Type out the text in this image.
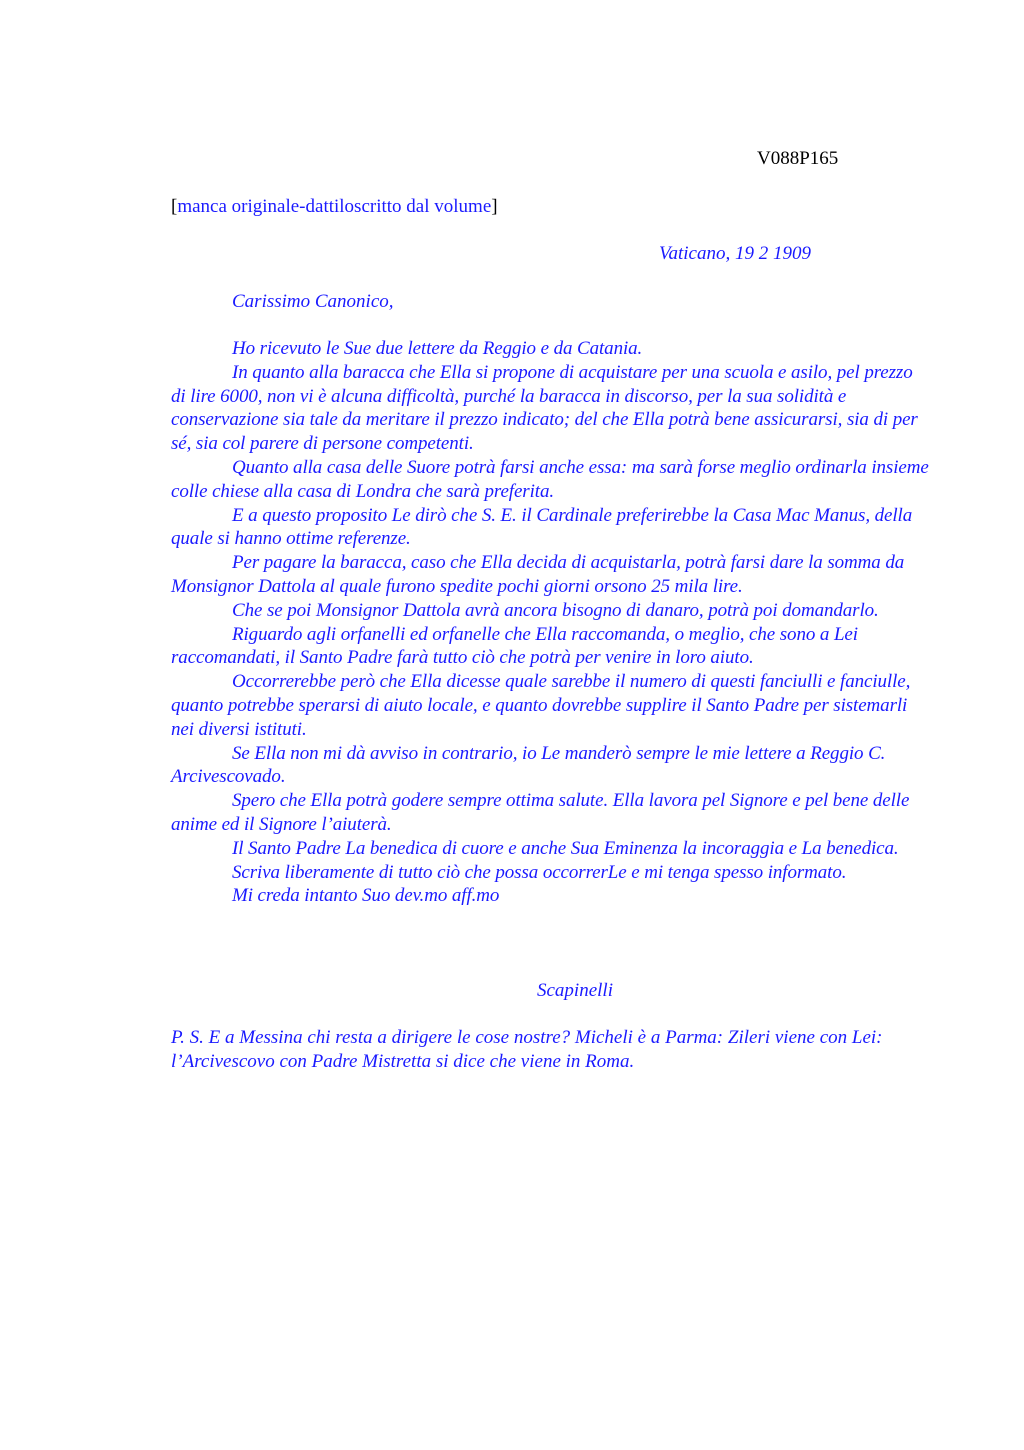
V088P165
[manca originale-dattiloscritto dal volume]
Vaticano, 19 2 1909
Carissimo Canonico,

Ho ricevuto le Sue due lettere da Reggio e da Catania.

In quanto alla baracca che Ella si propone di acquistare per una scuola e asilo, pel prezzo di lire 6000, non vi è alcuna difficoltà, purché la baracca in discorso, per la sua solidità e conservazione sia tale da meritare il prezzo indicato; del che Ella potrà bene assicurarsi, sia di per sé, sia col parere di persone competenti.

Quanto alla casa delle Suore potrà farsi anche essa: ma sarà forse meglio ordinarla insieme colle chiese alla casa di Londra che sarà preferita.

E a questo proposito Le dirò che S. E. il Cardinale preferirebbe la Casa Mac Manus, della quale si hanno ottime referenze.

Per pagare la baracca, caso che Ella decida di acquistarla, potrà farsi dare la somma da Monsignor Dattola al quale furono spedite pochi giorni orsono 25 mila lire.

Che se poi Monsignor Dattola avrà ancora bisogno di danaro, potrà poi domandarlo.

Riguardo agli orfanelli ed orfanelle che Ella raccomanda, o meglio, che sono a Lei raccomandati, il Santo Padre farà tutto ciò che potrà per venire in loro aiuto.

Occorrerebbe però che Ella dicesse quale sarebbe il numero di questi fanciulli e fanciulle, quanto potrebbe sperarsi di aiuto locale, e quanto dovrebbe supplire il Santo Padre per sistemarli nei diversi istituti.

Se Ella non mi dà avviso in contrario, io Le manderò sempre le mie lettere a Reggio C. Arcivescovado.

Spero che Ella potrà godere sempre ottima salute. Ella lavora pel Signore e pel bene delle anime ed il Signore l’aiuterà.

Il Santo Padre La benedica di cuore e anche Sua Eminenza la incoraggia e La benedica.

Scriva liberamente di tutto ciò che possa occorrerLe e mi tenga spesso informato.

Mi creda intanto Suo dev.mo aff.mo

Scapinelli
P. S. E a Messina chi resta a dirigere le cose nostre? Micheli è a Parma: Zileri viene con Lei: l’Arcivescovo con Padre Mistretta si dice che viene in Roma.
